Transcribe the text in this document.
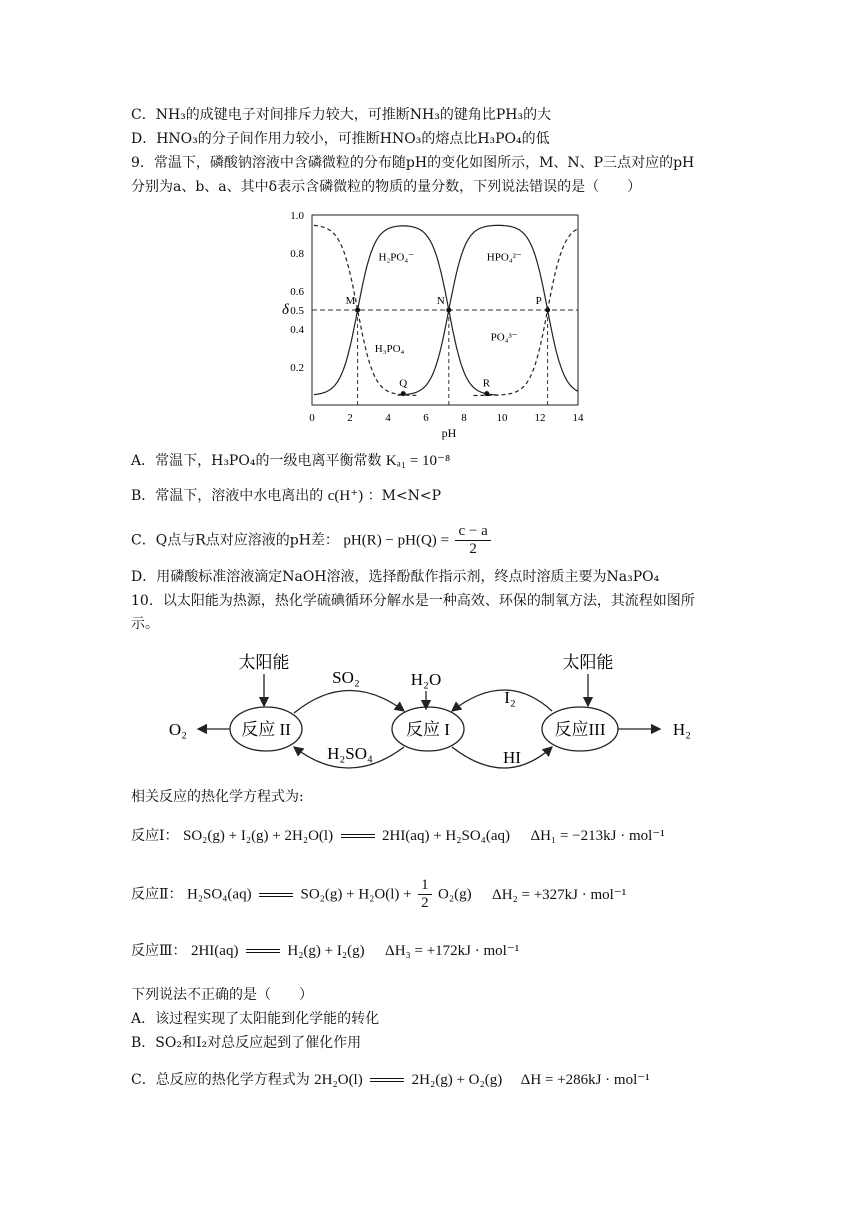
C．NH₃的成键电子对间排斥力较大，可推断NH₃的键角比PH₃的大
D．HNO₃的分子间作用力较小，可推断HNO₃的熔点比H₃PO₄的低
9．常温下，磷酸钠溶液中含磷微粒的分布随pH的变化如图所示，M、N、P三点对应的pH
分别为a、b、a、其中δ表示含磷微粒的物质的量分数，下列说法错误的是（　　）
0	2	4	6	8	10 12 14
0.2
0.4
0.5
0.6
0.8
1.0
pH
δ
M	N	P
Q	R
H₂PO₄⁻	HPO₄²⁻
H₃PO₄
PO₄³⁻
A．常温下，H₃PO₄的一级电离平衡常数 Kₐ₁ = 10⁻⁸
B．常温下，溶液中水电离出的 c(H⁺) ：M<N<P
C．Q点与R点对应溶液的pH差： $pH(R) - pH(Q) = \frac{c - a}{2}$
D．用磷酸标准溶液滴定NaOH溶液，选择酚酞作指示剂，终点时溶质主要为Na₃PO₄
10．以太阳能为热源，热化学硫碘循环分解水是一种高效、环保的制氧方法，其流程如图所
示。
太阳能	太阳能
H₂O
反应 II	反应 I	反应III
O₂	H₂
SO₂
H₂SO₄
I₂
HI
相关反应的热化学方程式为:
反应Ⅰ： SO₂(g) + I₂(g) + 2H₂O(l)	2HI(aq) + H₂SO₄(aq) ΔH₁ = −213kJ · mol⁻¹
反应Ⅱ： H₂SO₄(aq)	$SO_2(g) + H_2O(l) + \frac{1}{2} O_2(g) \Delta H_2 = +327kJ \cdot mol^{-1}$
反应Ⅲ： 2HI(aq)	H₂(g) + I₂(g) ΔH₃ = +172kJ · mol⁻¹
下列说法不正确的是（　　）
A．该过程实现了太阳能到化学能的转化
B．SO₂和I₂对总反应起到了催化作用
C．总反应的热化学方程式为 2H₂O(l)	2H₂(g) + O₂(g) ΔH = +286kJ · mol⁻¹
